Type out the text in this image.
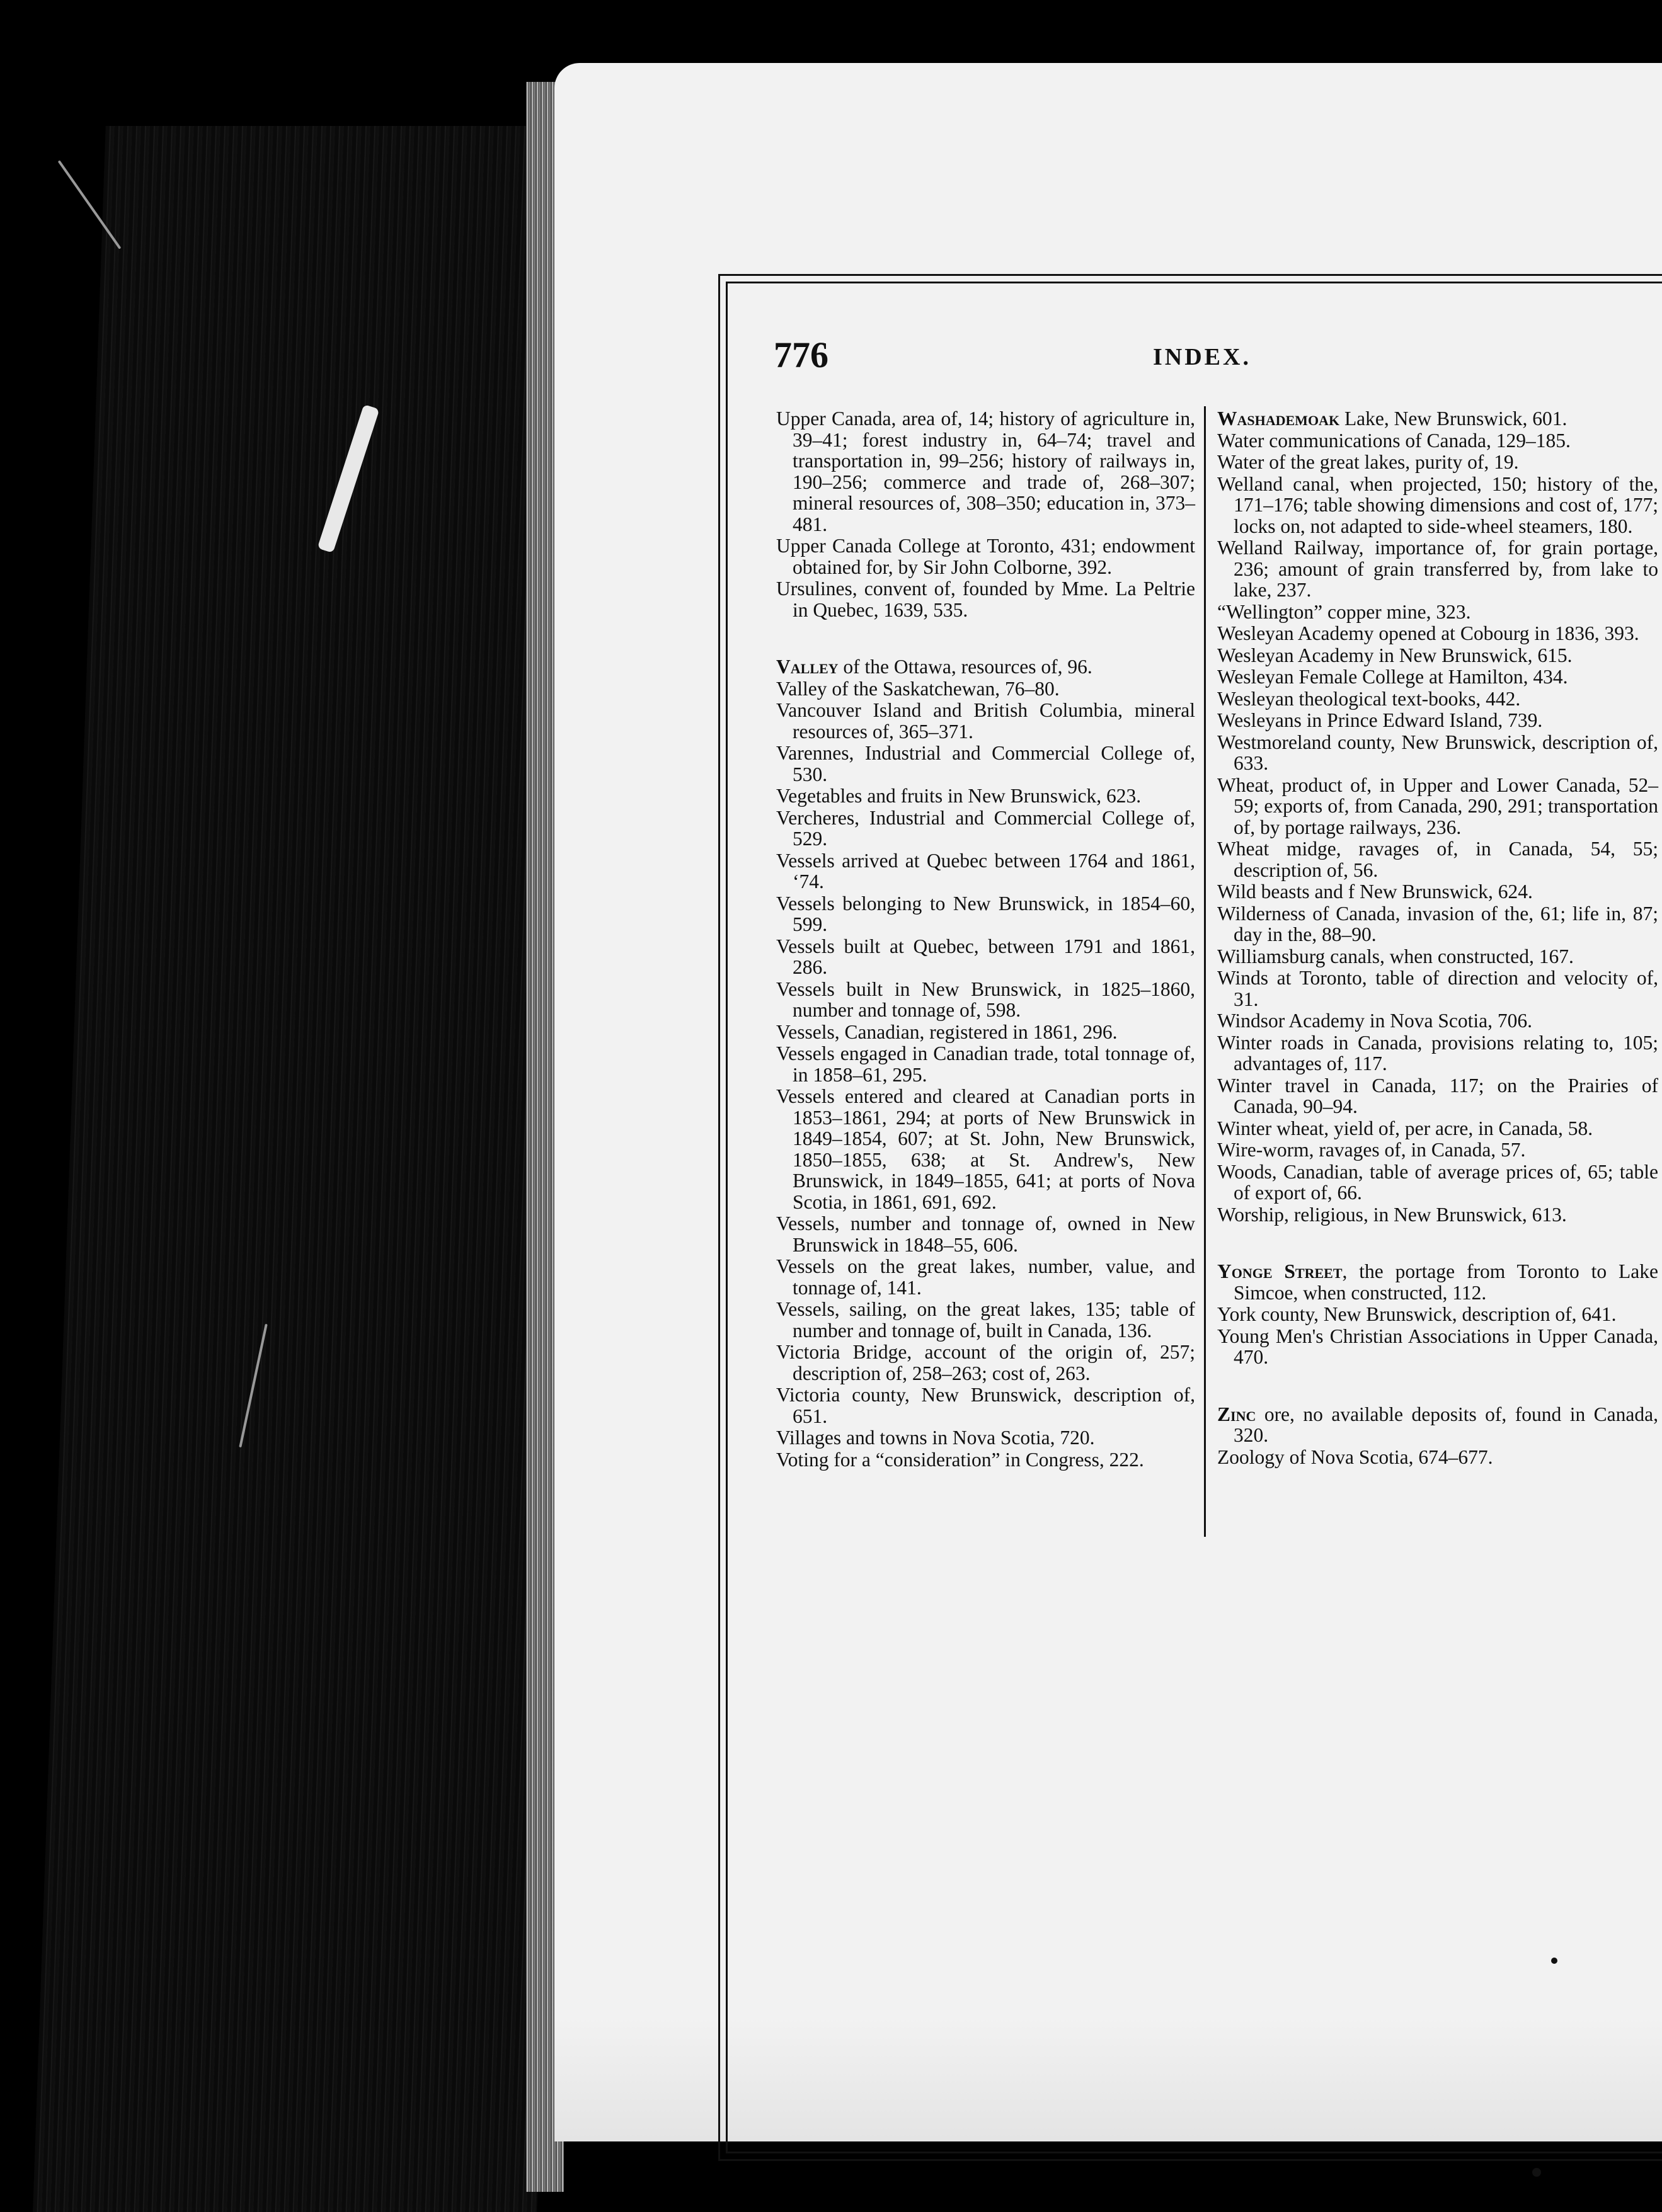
776	INDEX.
Upper Canada, area of, 14; history of agriculture in, 39–41; forest industry in, 64–74; travel and transportation in, 99–256; history of railways in, 190–256; commerce and trade of, 268–307; mineral resources of, 308–350; education in, 373–481.
Upper Canada College at Toronto, 431; endowment obtained for, by Sir John Colborne, 392.
Ursulines, convent of, founded by Mme. La Peltrie in Quebec, 1639, 535.
Valley of the Ottawa, resources of, 96.
Valley of the Saskatchewan, 76–80.
Vancouver Island and British Columbia, mineral resources of, 365–371.
Varennes, Industrial and Commercial College of, 530.
Vegetables and fruits in New Brunswick, 623.
Vercheres, Industrial and Commercial College of, 529.
Vessels arrived at Quebec between 1764 and 1861, ‘74.
Vessels belonging to New Brunswick, in 1854–60, 599.
Vessels built at Quebec, between 1791 and 1861, 286.
Vessels built in New Brunswick, in 1825–1860, number and tonnage of, 598.
Vessels, Canadian, registered in 1861, 296.
Vessels engaged in Canadian trade, total tonnage of, in 1858–61, 295.
Vessels entered and cleared at Canadian ports in 1853–1861, 294; at ports of New Brunswick in 1849–1854, 607; at St. John, New Brunswick, 1850–1855, 638; at St. Andrew's, New Brunswick, in 1849–1855, 641; at ports of Nova Scotia, in 1861, 691, 692.
Vessels, number and tonnage of, owned in New Brunswick in 1848–55, 606.
Vessels on the great lakes, number, value, and tonnage of, 141.
Vessels, sailing, on the great lakes, 135; table of number and tonnage of, built in Canada, 136.
Victoria Bridge, account of the origin of, 257; description of, 258–263; cost of, 263.
Victoria county, New Brunswick, description of, 651.
Villages and towns in Nova Scotia, 720.
Voting for a “consideration” in Congress, 222.
Washademoak Lake, New Brunswick, 601.
Water communications of Canada, 129–185.
Water of the great lakes, purity of, 19.
Welland canal, when projected, 150; history of the, 171–176; table showing dimensions and cost of, 177; locks on, not adapted to side-wheel steamers, 180.
Welland Railway, importance of, for grain portage, 236; amount of grain transferred by, from lake to lake, 237.
“Wellington” copper mine, 323.
Wesleyan Academy opened at Cobourg in 1836, 393.
Wesleyan Academy in New Brunswick, 615.
Wesleyan Female College at Hamilton, 434.
Wesleyan theological text-books, 442.
Wesleyans in Prince Edward Island, 739.
Westmoreland county, New Brunswick, description of, 633.
Wheat, product of, in Upper and Lower Canada, 52–59; exports of, from Canada, 290, 291; transportation of, by portage railways, 236.
Wheat midge, ravages of, in Canada, 54, 55; description of, 56.
Wild beasts and f New Brunswick, 624.
Wilderness of Canada, invasion of the, 61; life in, 87; day in the, 88–90.
Williamsburg canals, when constructed, 167.
Winds at Toronto, table of direction and velocity of, 31.
Windsor Academy in Nova Scotia, 706.
Winter roads in Canada, provisions relating to, 105; advantages of, 117.
Winter travel in Canada, 117; on the Prairies of Canada, 90–94.
Winter wheat, yield of, per acre, in Canada, 58.
Wire-worm, ravages of, in Canada, 57.
Woods, Canadian, table of average prices of, 65; table of export of, 66.
Worship, religious, in New Brunswick, 613.
Yonge Street, the portage from Toronto to Lake Simcoe, when constructed, 112.
York county, New Brunswick, description of, 641.
Young Men's Christian Associations in Upper Canada, 470.
Zinc ore, no available deposits of, found in Canada, 320.
Zoology of Nova Scotia, 674–677.
